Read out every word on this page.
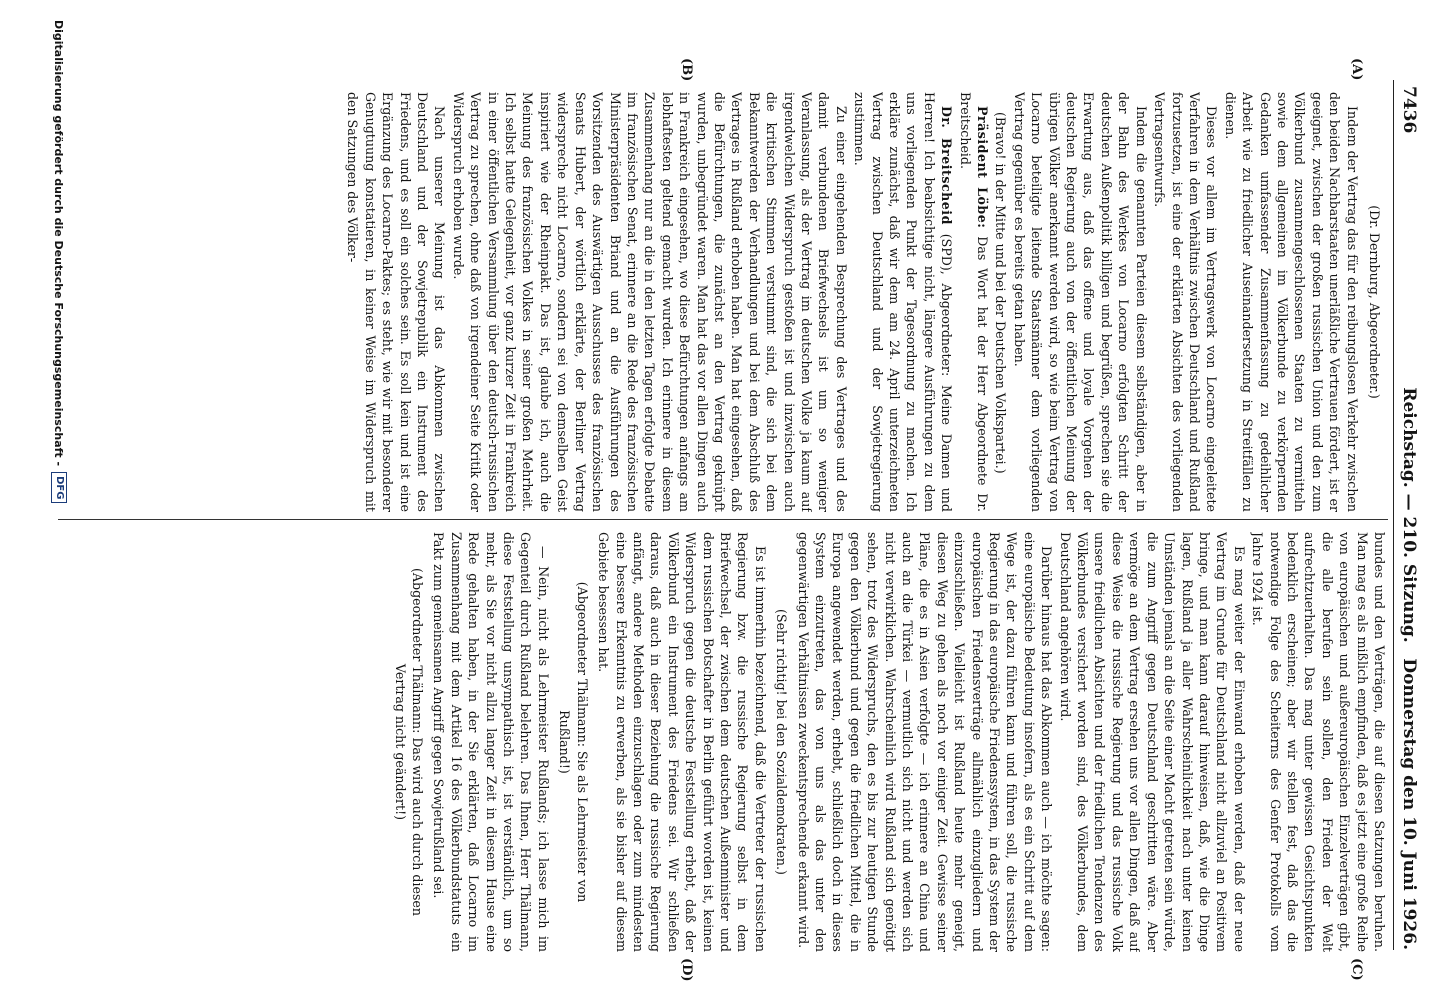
7436
Reichstag. — 210. Sitzung.
Donnerstag den 10. Juni 1926.
(A)
(B)
(C)
(D)

(Dr. Dernburg, Abgeordneter.)

Indem der Vertrag das für den reibungslosen Verkehr zwischen den beiden Nachbarstaaten unerläßliche Vertrauen fördert, ist er geeignet, zwischen der großen russischen Union und den zum Völkerbund zusammengeschlossenen Staaten zu vermitteln sowie dem allgemeinen im Völkerbunde zu verkörpernden Gedanken umfassender Zusammenfassung zu gedeihlicher Arbeit wie zu friedlicher Auseinandersetzung in Streitfällen zu dienen.

Dieses vor allem im Vertragswerk von Locarno eingeleitete Verfahren in dem Verhältnis zwischen Deutschland und Rußland fortzusetzen, ist eine der erklärten Absichten des vorliegenden Vertragsentwurfs.

Indem die genannten Parteien diesem selbständigen, aber in der Bahn des Werkes von Locarno erfolgten Schritt der deutschen Außenpolitik billigen und begrüßen, sprechen sie die Erwartung aus, daß das offene und loyale Vorgehen der deutschen Regierung auch von der öffentlichen Meinung der übrigen Völker anerkannt werden wird, so wie beim Vertrag von Locarno beteiligte leitende Staatsmänner dem vorliegenden Vertrag gegenüber es bereits getan haben.

(Bravo! in der Mitte und bei der Deutschen Volkspartei.)

Präsident Löbe: Das Wort hat der Herr Abgeordnete Dr. Breitscheid.

Dr. Breitscheid (SPD), Abgeordneter: Meine Damen und Herren! Ich beabsichtige nicht, längere Ausführungen zu dem uns vorliegenden Punkt der Tagesordnung zu machen. Ich erkläre zunächst, daß wir dem am 24. April unterzeichneten Vertrag zwischen Deutschland und der Sowjetregierung zustimmen.

Zu einer eingehenden Besprechung des Vertrages und des damit verbundenen Briefwechsels ist um so weniger Veranlassung, als der Vertrag im deutschen Volke ja kaum auf irgendwelchen Widerspruch gestoßen ist und inzwischen auch die kritischen Stimmen verstummt sind, die sich bei dem Bekanntwerden der Verhandlungen und bei dem Abschluß des Vertrages in Rußland erhoben haben. Man hat eingesehen, daß die Befürchtungen, die zunächst an den Vertrag geknüpft wurden, unbegründet waren. Man hat das vor allen Dingen auch in Frankreich eingesehen, wo diese Befürchtungen anfangs am lebhaftesten geltend gemacht wurden. Ich erinnere in diesem Zusammenhang nur an die in den letzten Tagen erfolgte Debatte im französischen Senat, erinnere an die Rede des französischen Ministerpräsidenten Briand und an die Ausführungen des Vorsitzenden des Auswärtigen Ausschusses des französischen Senats Hubert, der wörtlich erklärte, der Berliner Vertrag widerspreche nicht Locarno, sondern sei von demselben Geist inspiriert wie der Rheinpakt. Das ist, glaube ich, auch die Meinung des französischen Volkes in seiner großen Mehrheit. Ich selbst hatte Gelegenheit, vor ganz kurzer Zeit in Frankreich in einer öffentlichen Versammlung über den deutsch-russischen Vertrag zu sprechen, ohne daß von irgendeiner Seite Kritik oder Widerspruch erhoben wurde.

Nach unserer Meinung ist das Abkommen zwischen Deutschland und der Sowjetrepublik ein Instrument des Friedens, und es soll ein solches sein. Es soll kein und ist eine Ergänzung des Locarno-Paktes; es steht, wie wir mit besonderer Genugtuung konstatieren, in keiner Weise im Widerspruch mit den Satzungen des Völker-

bundes und den Verträgen, die auf diesen Satzungen beruhen. Man mag es als mißlich empfinden, daß es jetzt eine große Reihe von europäischen und außereuropäischen Einzelverträgen gibt, die alle berufen sein sollen, den Frieden der Welt aufrechtzuerhalten. Das mag unter gewissen Gesichtspunkten bedenklich erscheinen; aber wir stellen fest, daß das die notwendige Folge des Scheiterns des Genfer Protokolls vom Jahre 1924 ist.

Es mag weiter der Einwand erhoben werden, daß der neue Vertrag im Grunde für Deutschland nicht allzuviel an Positivem bringe, und man kann darauf hinweisen, daß, wie die Dinge lagen, Rußland ja aller Wahrscheinlichkeit nach unter keinen Umständen jemals an die Seite einer Macht getreten sein würde, die zum Angriff gegen Deutschland geschritten wäre. Aber vermöge an dem Vertrag ersehen uns vor allen Dingen, daß auf diese Weise die russische Regierung und das russische Volk unsere friedlichen Absichten und der friedlichen Tendenzen des Völkerbundes versichert worden sind, des Völkerbundes, dem Deutschland angehören wird.

Darüber hinaus hat das Abkommen auch — ich möchte sagen: eine europäische Bedeutung insofern, als es ein Schritt auf dem Wege ist, der dazu führen kann und führen soll, die russische Regierung in das europäische Friedenssystem, in das System der europäischen Friedensverträge allmählich einzugliedern und einzuschließen. Vielleicht ist Rußland heute mehr geneigt, diesen Weg zu gehen als noch vor einiger Zeit. Gewisse seiner Pläne, die es in Asien verfolgte — ich erinnere an China und auch an die Türkei — vermutlich sich nicht und werden sich nicht verwirklichen. Wahrscheinlich wird Rußland sich genötigt sehen, trotz des Widerspruchs, den es bis zur heutigen Stunde gegen den Völkerbund und gegen die friedlichen Mittel, die in Europa angewendet werden, erhebt, schließlich doch in dieses System einzutreten, das von uns als das unter den gegenwärtigen Verhältnissen zweckentsprechende erkannt wird.

(Sehr richtig! bei den Sozialdemokraten.)

Es ist immerhin bezeichnend, daß die Vertreter der russischen Regierung bzw. die russische Regierung selbst in dem Briefwechsel, der zwischen dem deutschen Außenminister und dem russischen Botschafter in Berlin geführt worden ist, keinen Widerspruch gegen die deutsche Feststellung erhebt, daß der Völkerbund ein Instrument des Friedens sei. Wir schließen daraus, daß auch in dieser Beziehung die russische Regierung anfängt, andere Methoden einzuschlagen oder zum mindesten eine bessere Erkenntnis zu erwerben, als sie bisher auf diesem Gebiete besessen hat.

(Abgeordneter Thälmann: Sie als Lehrmeister von Rußland!)

— Nein, nicht als Lehrmeister Rußlands; ich lasse mich im Gegenteil durch Rußland belehren. Das Ihnen, Herr Thälmann, diese Feststellung unsympathisch ist, ist verständlich, um so mehr, als Sie vor nicht allzu langer Zeit in diesem Hause eine Rede gehalten haben, in der Sie erklärten, daß Locarno im Zusammenhang mit dem Artikel 16 des Völkerbundstatuts ein Pakt zum gemeinsamen Angriff gegen Sowjetrußland sei.

(Abgeordneter Thälmann: Das wird auch durch diesen Vertrag nicht geändert!)

Digitalisierung gefördert durch die Deutsche Forschungsgemeinschaft -
DFG
